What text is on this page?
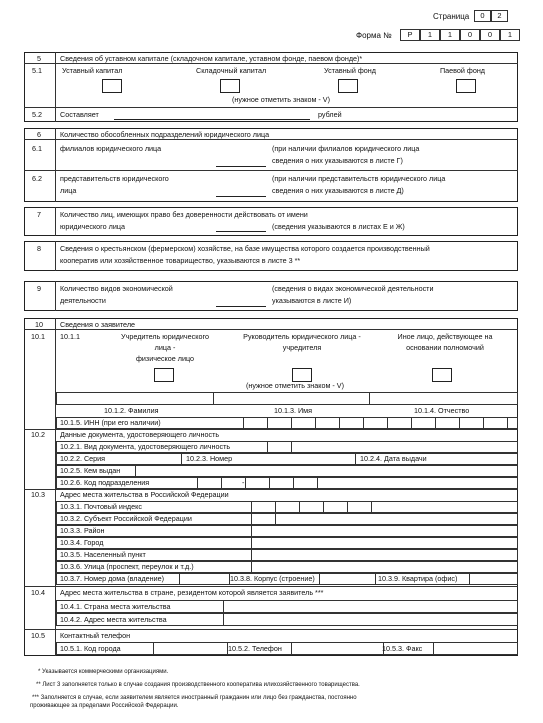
Страница	0	2
Форма №	Р	1	1	0	0	1
5	Сведения об уставном капитале (складочном капитале, уставном фонде, паевом фонде)*
5.1	Уставный капитал	Складочный капитал	Уставный фонд	Паевой фонд
(нужное отметить знаком - V)
5.2	Составляет	рублей
6	Количество обособленных подразделений юридического лица
6.1	филиалов юридического лица	(при наличии филиалов юридического лица
сведения о них указываются в листе Г)
6.2	представительств юридического
лица
(при наличии представительств юридического лица
сведения о них указываются в листе Д)
7	Количество лиц, имеющих право без доверенности действовать от имени
юридического лица	(сведения указываются в листах Е и Ж)
8	Сведения о крестьянском (фермерском) хозяйстве, на базе имущества которого создается производственный
кооператив или хозяйственное товарищество, указываются в листе 3 **
9	Количество видов экономической
деятельности
(сведения о видах экономической деятельности
указываются в листе И)
10 Сведения о заявителе
10.1 10.1.1	Учредитель юридического
лица -
физическое лицо
Руководитель юридического лица -
учредителя
Иное лицо, действующее на
основании полномочий
(нужное отметить знаком - V)
10.1.2. Фамилия	10.1.3. Имя	10.1.4. Отчество
10.1.5. ИНН (при его наличии)
10.2 Данные документа, удостоверяющего личность
10.2.1. Вид документа, удостоверяющего личность
10.2.2. Серия	10.2.3. Номер	10.2.4. Дата выдачи
10.2.5. Кем выдан
10.2.6. Код подразделения	-
10.3 Адрес места жительства в Российской Федерации
10.3.1. Почтовый индекс
10.3.2. Субъект Российской Федерации
10.3.3. Район
10.3.4. Город
10.3.5. Населенный пункт
10.3.6. Улица (проспект, переулок и т.д.)
10.3.7. Номер дома (владение)	10.3.8. Корпус (строение)	10.3.9. Квартира (офис)
10.4 Адрес места жительства в стране, резидентом которой является заявитель ***
10.4.1. Страна места жительства
10.4.2. Адрес места жительства
10.5 Контактный телефон
10.5.1. Код города	10.5.2. Телефон	10.5.3. Факс
* Указывается коммерческими организациями.
** Лист 3 заполняется только в случае создания производственного кооператива илихозяйственного товарищества.
*** Заполняется в случае, если заявителем является иностранный гражданин или лицо без гражданства, постоянно
проживающее за пределами Российской Федерации.
